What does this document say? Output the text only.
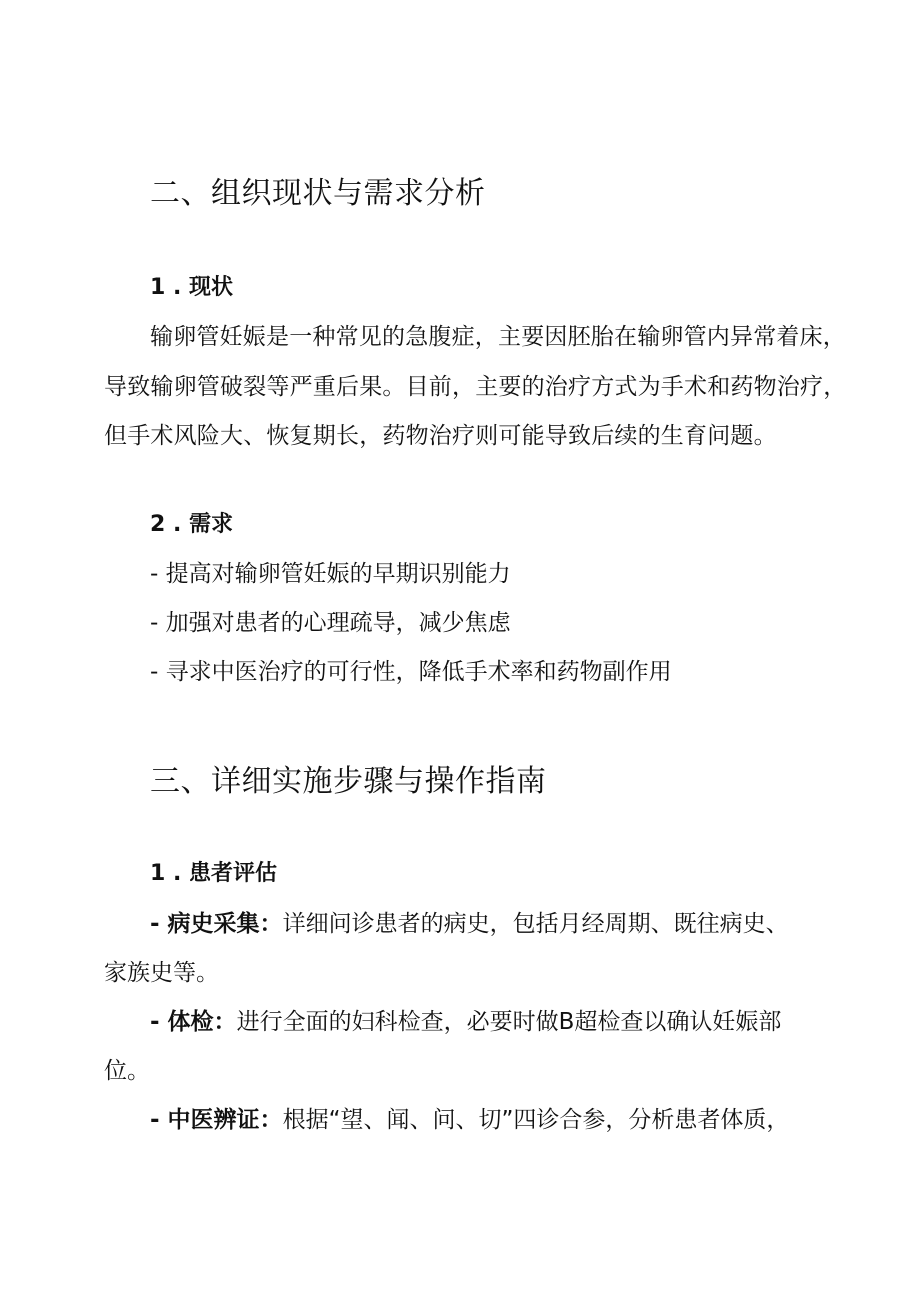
二、组织现状与需求分析
1 . 现状
输卵管妊娠是一种常见的急腹症，主要因胚胎在输卵管内异常着床，
导致输卵管破裂等严重后果。目前，主要的治疗方式为手术和药物治疗，
但手术风险大、恢复期长，药物治疗则可能导致后续的生育问题。
2 . 需求
- 提高对输卵管妊娠的早期识别能力
- 加强对患者的心理疏导，减少焦虑
- 寻求中医治疗的可行性，降低手术率和药物副作用
三、详细实施步骤与操作指南
1 . 患者评估
- 病史采集：详细问诊患者的病史，包括月经周期、既往病史、
家族史等。
- 体检：进行全面的妇科检查，必要时做B超检查以确认妊娠部
位。
- 中医辨证：根据“望、闻、问、切”四诊合参，分析患者体质，
